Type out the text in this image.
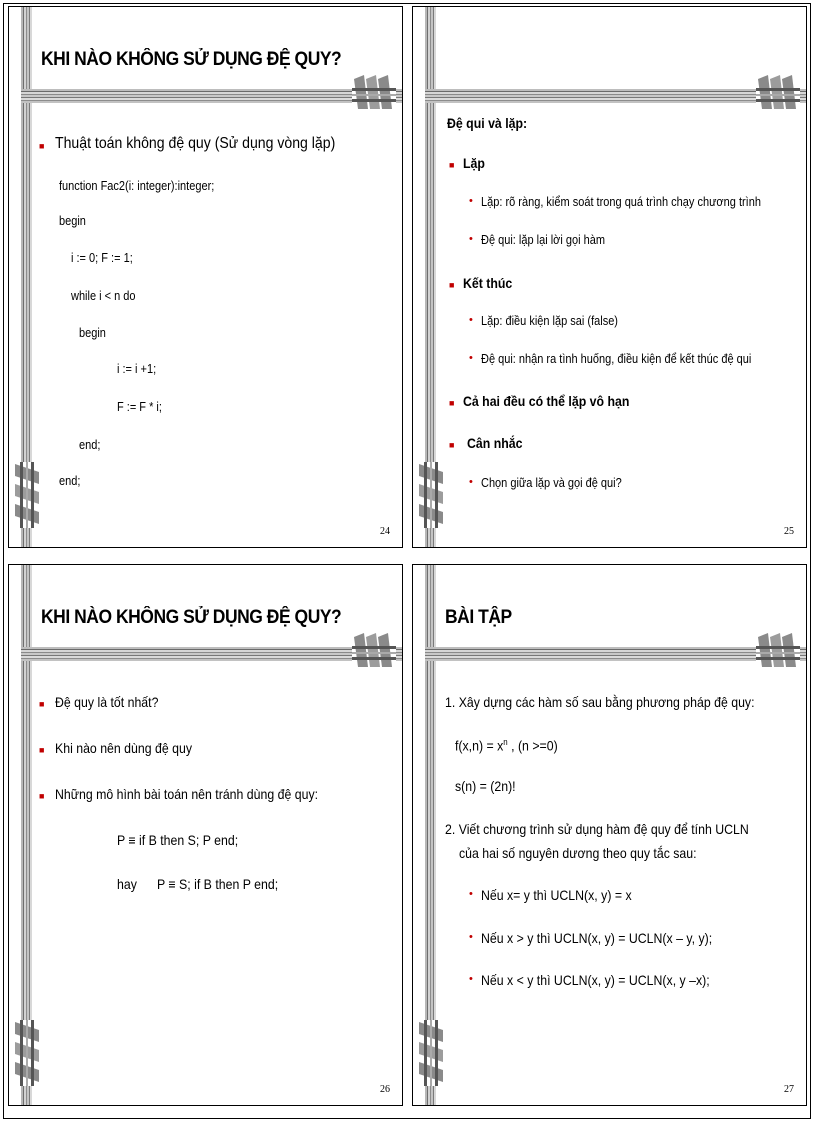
KHI NÀO KHÔNG SỬ DỤNG ĐỆ QUY?
■ Thuật toán không đệ quy (Sử dụng vòng lặp)
function Fac2(i: integer):integer;
begin
i := 0; F := 1;
while i < n do
begin
i := i +1;
F := F * i;
end;
end;
24
Đệ qui và lặp:
■ Lặp
• Lặp: rõ ràng, kiểm soát trong quá trình chạy chương trình
• Đệ qui: lặp lại lời gọi hàm
■ Kết thúc
• Lặp: điều kiện lặp sai (false)
• Đệ qui: nhận ra tình huống, điều kiện để kết thúc đệ qui
■ Cả hai đều có thể lặp vô hạn
■ Cân nhắc
• Chọn giữa lặp và gọi đệ qui?
25
KHI NÀO KHÔNG SỬ DỤNG ĐỆ QUY?
■ Đệ quy là tốt nhất?
■ Khi nào nên dùng đệ quy
■ Những mô hình bài toán nên tránh dùng đệ quy:
P ≡ if B then S; P end;
hay P ≡ S; if B then P end;
26
BÀI TẬP
1. Xây dựng các hàm số sau bằng phương pháp đệ quy:
$f(x,n) = x^n$ , (n >=0)
s(n) = (2n)!
2. Viết chương trình sử dụng hàm đệ quy để tính UCLN
của hai số nguyên dương theo quy tắc sau:
• Nếu x= y thì UCLN(x, y) = x
• Nếu x > y thì UCLN(x, y) = UCLN(x – y, y);
• Nếu x < y thì UCLN(x, y) = UCLN(x, y –x);
27
